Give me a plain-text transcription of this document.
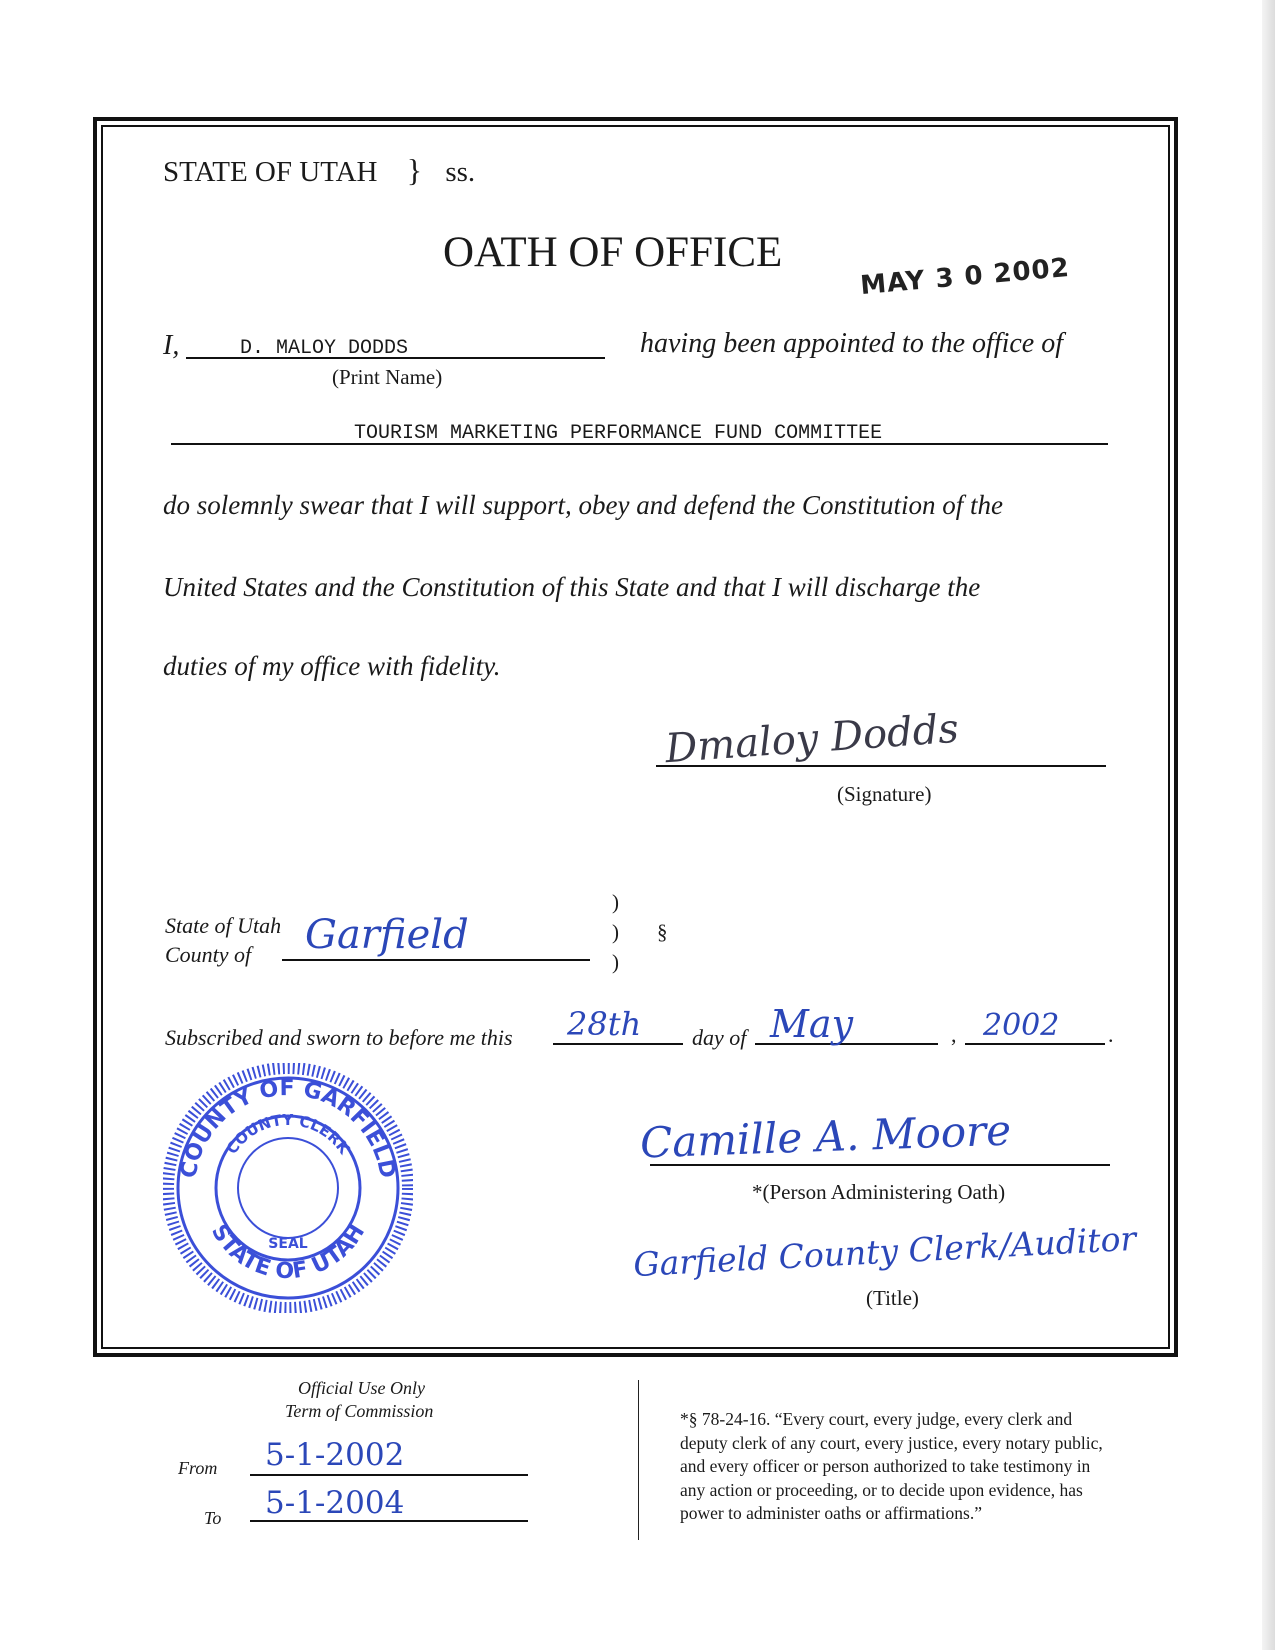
STATE OF UTAH } ss.
OATH OF OFFICE
MAY 3 0 2002
I,	D. MALOY DODDS
(Print Name)
having been appointed to the office of
TOURISM MARKETING PERFORMANCE FUND COMMITTEE
do solemnly swear that I will support, obey and defend the Constitution of the
United States and the Constitution of this State and that I will discharge the
duties of my office with fidelity.
Dmaloy Dodds
(Signature)
State of Utah
County of Garfield
)
)
)
§
Subscribed and sworn to before me this 28th day of May	, 2002 .
COUNTY OF GARFIELD
STATE OF UTAH
COUNTY CLERK
SEAL
Camille A. Moore
*(Person Administering Oath)
Garfield County Clerk/Auditor
(Title)
Official Use Only
Term of Commission
From 5-1-2002
To 5-1-2004
*§ 78-24-16. “Every court, every judge, every clerk and
deputy clerk of any court, every justice, every notary public,
and every officer or person authorized to take testimony in
any action or proceeding, or to decide upon evidence, has
power to administer oaths or affirmations.”
